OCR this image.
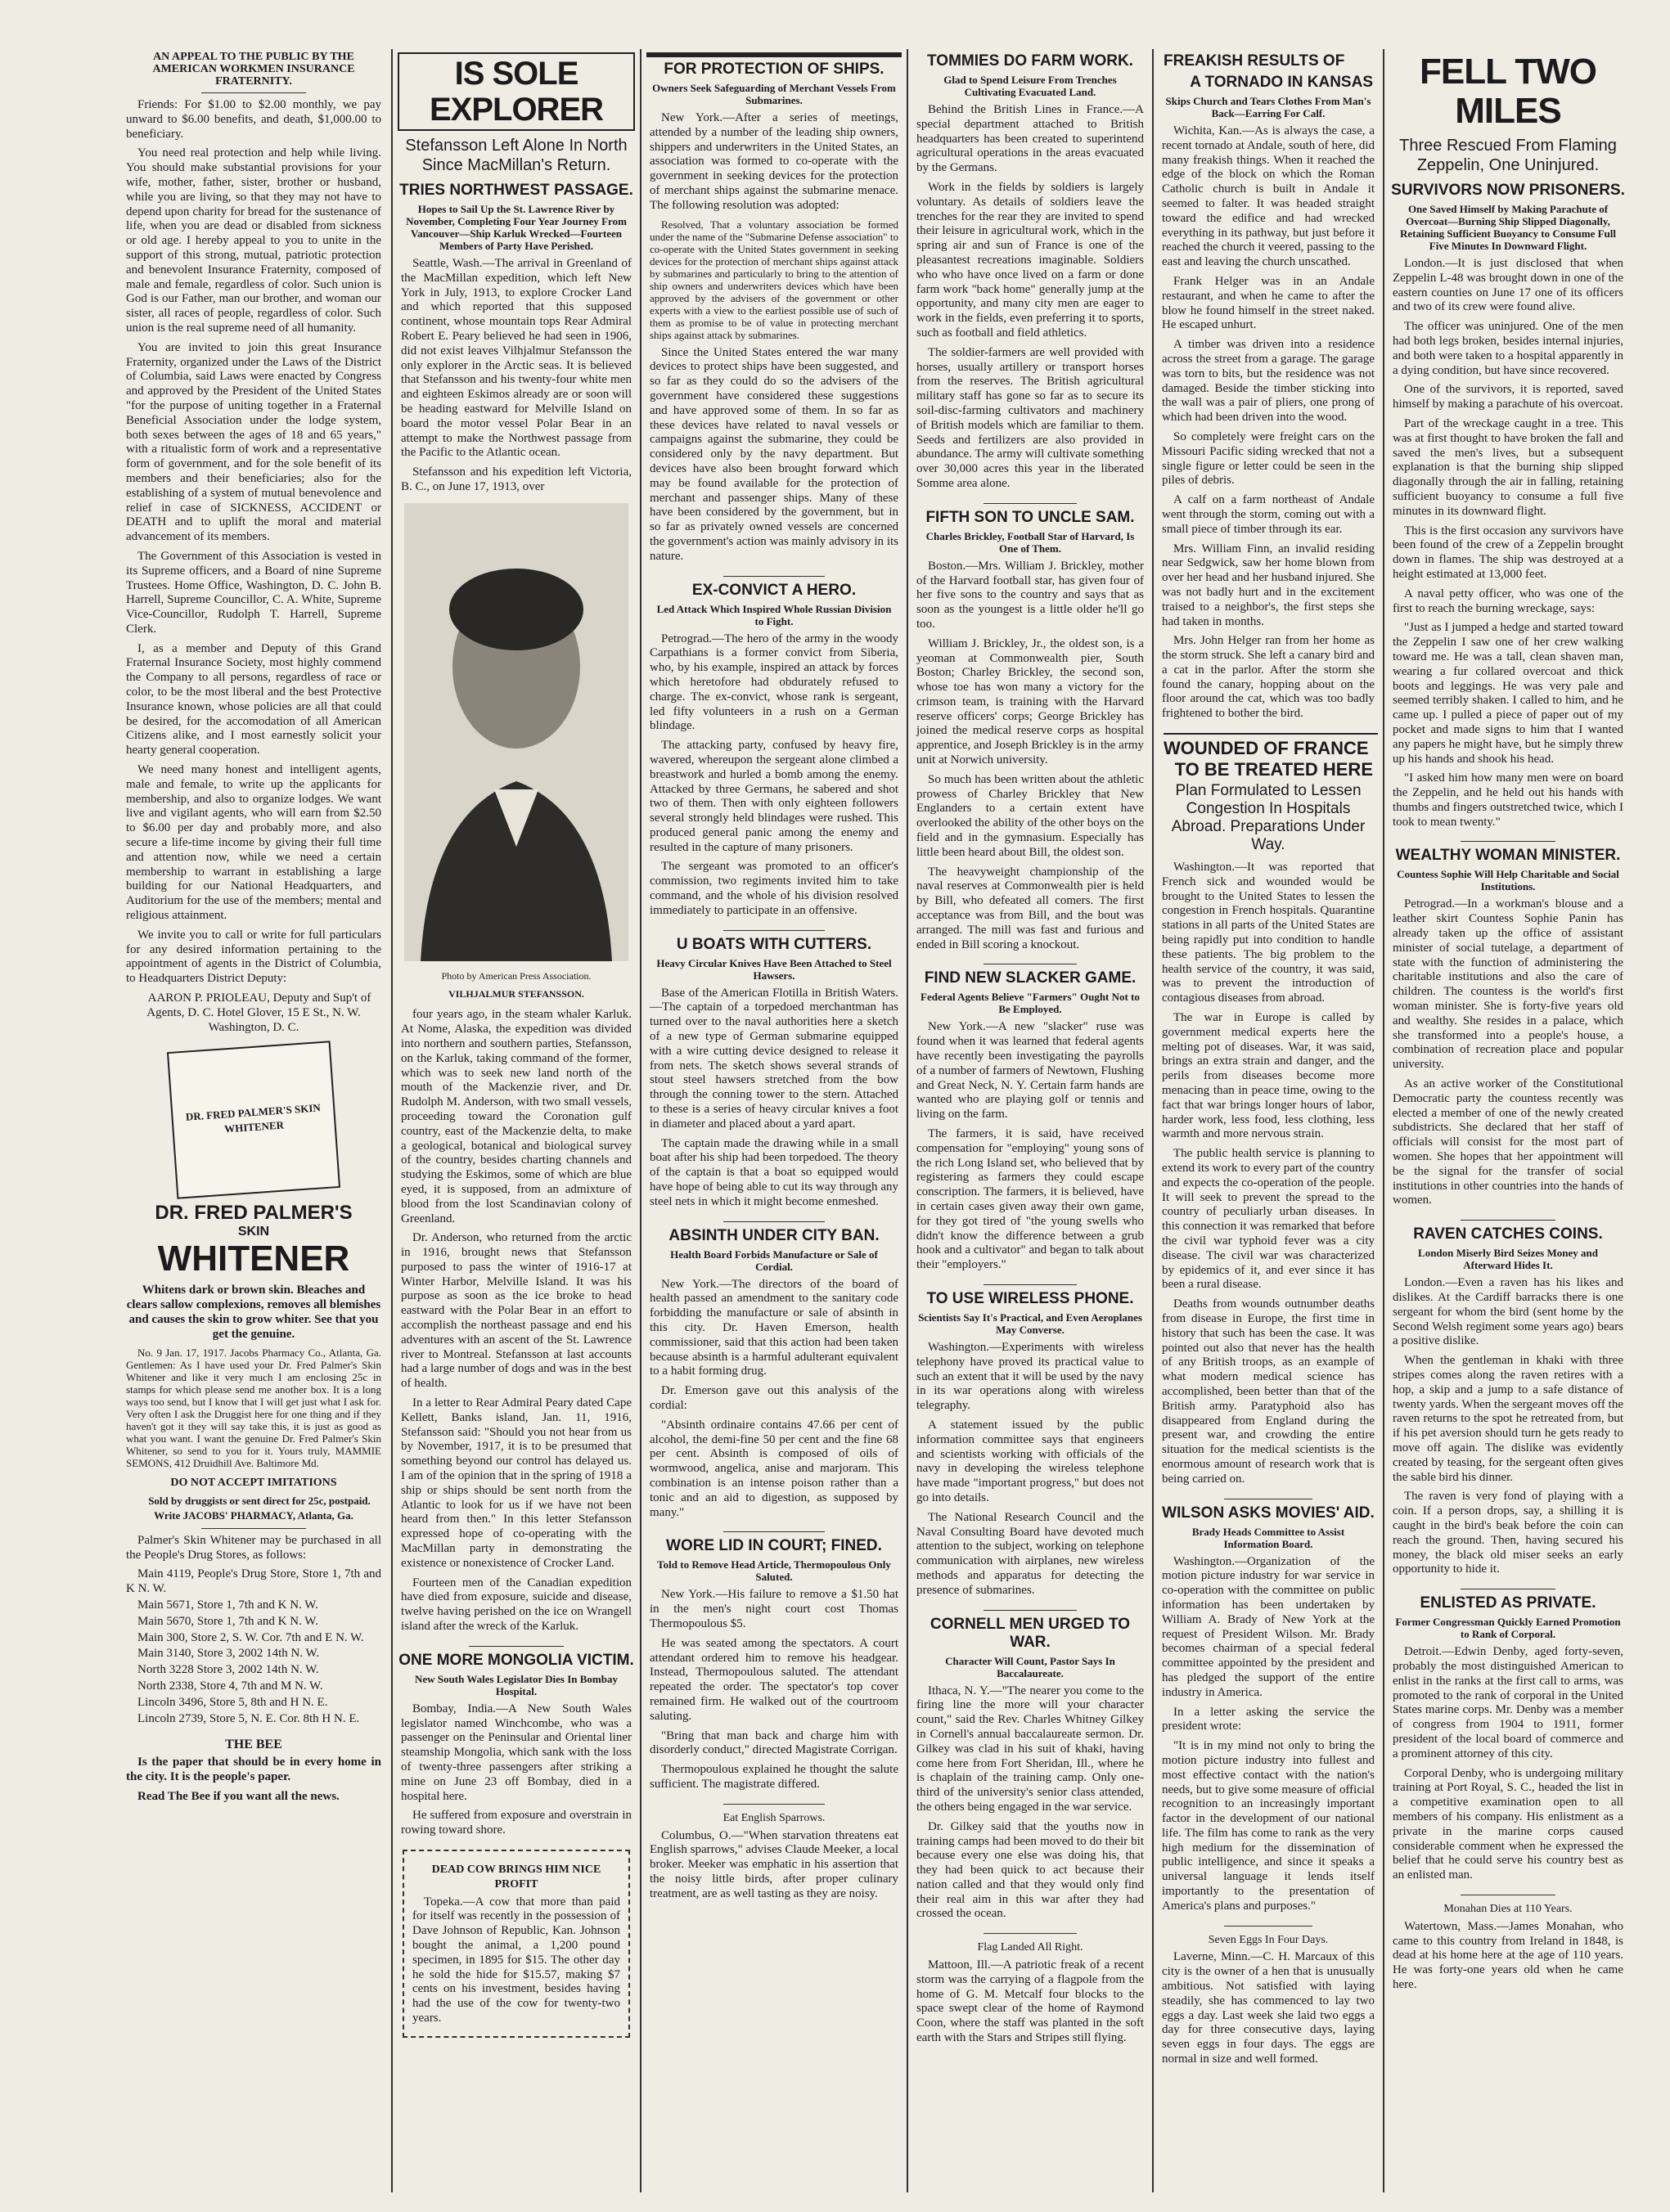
AN APPEAL TO THE PUBLIC BY THE AMERICAN WORKMEN INSURANCE FRATERNITY.

Friends: For $1.00 to $2.00 monthly, we pay unward to $6.00 benefits, and death, $1,000.00 to beneficiary.

You need real protection and help while living. You should make substantial provisions for your wife, mother, father, sister, brother or husband, while you are living, so that they may not have to depend upon charity for bread for the sustenance of life, when you are dead or disabled from sickness or old age. I hereby appeal to you to unite in the support of this strong, mutual, patriotic protection and benevolent Insurance Fraternity, composed of male and female, regardless of color. Such union is God is our Father, man our brother, and woman our sister, all races of people, regardless of color. Such union is the real supreme need of all humanity.

You are invited to join this great Insurance Fraternity, organized under the Laws of the District of Columbia, said Laws were enacted by Congress and approved by the President of the United States "for the purpose of uniting together in a Fraternal Beneficial Association under the lodge system, both sexes between the ages of 18 and 65 years," with a ritualistic form of work and a representative form of government, and for the sole benefit of its members and their beneficiaries; also for the establishing of a system of mutual benevolence and relief in case of SICKNESS, ACCIDENT or DEATH and to uplift the moral and material advancement of its members.

The Government of this Association is vested in its Supreme officers, and a Board of nine Supreme Trustees. Home Office, Washington, D. C. John B. Harrell, Supreme Councillor, C. A. White, Supreme Vice-Councillor, Rudolph T. Harrell, Supreme Clerk.

I, as a member and Deputy of this Grand Fraternal Insurance Society, most highly commend the Company to all persons, regardless of race or color, to be the most liberal and the best Protective Insurance known, whose policies are all that could be desired, for the accomodation of all American Citizens alike, and I most earnestly solicit your hearty general cooperation.

We need many honest and intelligent agents, male and female, to write up the applicants for membership, and also to organize lodges. We want live and vigilant agents, who will earn from $2.50 to $6.00 per day and probably more, and also secure a life-time income by giving their full time and attention now, while we need a certain membership to warrant in establishing a large building for our National Headquarters, and Auditorium for the use of the members; mental and religious attainment.

We invite you to call or write for full particulars for any desired information pertaining to the appointment of agents in the District of Columbia, to Headquarters District Deputy:

AARON P. PRIOLEAU, Deputy and Sup't of Agents, D. C. Hotel Glover, 15 E St., N. W. Washington, D. C.

DR. FRED PALMER'S SKIN WHITENER
DR. FRED PALMER'S
SKIN
WHITENER

Whitens dark or brown skin. Bleaches and clears sallow complexions, removes all blemishes and causes the skin to grow whiter. See that you get the genuine.

No. 9 Jan. 17, 1917. Jacobs Pharmacy Co., Atlanta, Ga. Gentlemen: As I have used your Dr. Fred Palmer's Skin Whitener and like it very much I am enclosing 25c in stamps for which please send me another box. It is a long ways too send, but I know that I will get just what I ask for. Very often I ask the Druggist here for one thing and if they haven't got it they will say take this, it is just as good as what you want. I want the genuine Dr. Fred Palmer's Skin Whitener, so send to you for it. Yours truly, MAMMIE SEMONS, 412 Druidhill Ave. Baltimore Md.

DO NOT ACCEPT IMITATIONS

Sold by druggists or sent direct for 25c, postpaid. Write JACOBS' PHARMACY, Atlanta, Ga.

Palmer's Skin Whitener may be purchased in all the People's Drug Stores, as follows:

Main 4119, People's Drug Store, Store 1, 7th and K N. W.

Main 5671, Store 1, 7th and K N. W.

Main 5670, Store 1, 7th and K N. W.

Main 300, Store 2, S. W. Cor. 7th and E N. W.

Main 3140, Store 3, 2002 14th N. W.

North 3228 Store 3, 2002 14th N. W.

North 2338, Store 4, 7th and M N. W.

Lincoln 3496, Store 5, 8th and H N. E.

Lincoln 2739, Store 5, N. E. Cor. 8th H N. E.

THE BEE

Is the paper that should be in every home in the city. It is the people's paper.

Read The Bee if you want all the news.

IS SOLE EXPLORER
Stefansson Left Alone In North Since MacMillan's Return.
TRIES NORTHWEST PASSAGE.
Hopes to Sail Up the St. Lawrence River by November, Completing Four Year Journey From Vancouver—Ship Karluk Wrecked—Fourteen Members of Party Have Perished.

Seattle, Wash.—The arrival in Greenland of the MacMillan expedition, which left New York in July, 1913, to explore Crocker Land and which reported that this supposed continent, whose mountain tops Rear Admiral Robert E. Peary believed he had seen in 1906, did not exist leaves Vilhjalmur Stefansson the only explorer in the Arctic seas. It is believed that Stefansson and his twenty-four white men and eighteen Eskimos already are or soon will be heading eastward for Melville Island on board the motor vessel Polar Bear in an attempt to make the Northwest passage from the Pacific to the Atlantic ocean.

Stefansson and his expedition left Victoria, B. C., on June 17, 1913, over

Photo by American Press Association.
VILHJALMUR STEFANSSON.

four years ago, in the steam whaler Karluk. At Nome, Alaska, the expedition was divided into northern and southern parties, Stefansson, on the Karluk, taking command of the former, which was to seek new land north of the mouth of the Mackenzie river, and Dr. Rudolph M. Anderson, with two small vessels, proceeding toward the Coronation gulf country, east of the Mackenzie delta, to make a geological, botanical and biological survey of the country, besides charting channels and studying the Eskimos, some of which are blue eyed, it is supposed, from an admixture of blood from the lost Scandinavian colony of Greenland.

Dr. Anderson, who returned from the arctic in 1916, brought news that Stefansson purposed to pass the winter of 1916-17 at Winter Harbor, Melville Island. It was his purpose as soon as the ice broke to head eastward with the Polar Bear in an effort to accomplish the northeast passage and end his adventures with an ascent of the St. Lawrence river to Montreal. Stefansson at last accounts had a large number of dogs and was in the best of health.

In a letter to Rear Admiral Peary dated Cape Kellett, Banks island, Jan. 11, 1916, Stefansson said: "Should you not hear from us by November, 1917, it is to be presumed that something beyond our control has delayed us. I am of the opinion that in the spring of 1918 a ship or ships should be sent north from the Atlantic to look for us if we have not been heard from then." In this letter Stefansson expressed hope of co-operating with the MacMillan party in demonstrating the existence or nonexistence of Crocker Land.

Fourteen men of the Canadian expedition have died from exposure, suicide and disease, twelve having perished on the ice on Wrangell island after the wreck of the Karluk.

ONE MORE MONGOLIA VICTIM.
New South Wales Legislator Dies In Bombay Hospital.

Bombay, India.—A New South Wales legislator named Winchcombe, who was a passenger on the Peninsular and Oriental liner steamship Mongolia, which sank with the loss of twenty-three passengers after striking a mine on June 23 off Bombay, died in a hospital here.

He suffered from exposure and overstrain in rowing toward shore.

DEAD COW BRINGS HIM NICE PROFIT

Topeka.—A cow that more than paid for itself was recently in the possession of Dave Johnson of Republic, Kan. Johnson bought the animal, a 1,200 pound specimen, in 1895 for $15. The other day he sold the hide for $15.57, making $7 cents on his investment, besides having had the use of the cow for twenty-two years.

FOR PROTECTION OF SHIPS.
Owners Seek Safeguarding of Merchant Vessels From Submarines.

New York.—After a series of meetings, attended by a number of the leading ship owners, shippers and underwriters in the United States, an association was formed to co-operate with the government in seeking devices for the protection of merchant ships against the submarine menace. The following resolution was adopted:

Resolved, That a voluntary association be formed under the name of the "Submarine Defense association" to co-operate with the United States government in seeking devices for the protection of merchant ships against attack by submarines and particularly to bring to the attention of ship owners and underwriters devices which have been approved by the advisers of the government or other experts with a view to the earliest possible use of such of them as promise to be of value in protecting merchant ships against attack by submarines.

Since the United States entered the war many devices to protect ships have been suggested, and so far as they could do so the advisers of the government have considered these suggestions and have approved some of them. In so far as these devices have related to naval vessels or campaigns against the submarine, they could be considered only by the navy department. But devices have also been brought forward which may be found available for the protection of merchant and passenger ships. Many of these have been considered by the government, but in so far as privately owned vessels are concerned the government's action was mainly advisory in its nature.

EX-CONVICT A HERO.
Led Attack Which Inspired Whole Russian Division to Fight.

Petrograd.—The hero of the army in the woody Carpathians is a former convict from Siberia, who, by his example, inspired an attack by forces which heretofore had obdurately refused to charge. The ex-convict, whose rank is sergeant, led fifty volunteers in a rush on a German blindage.

The attacking party, confused by heavy fire, wavered, whereupon the sergeant alone climbed a breastwork and hurled a bomb among the enemy. Attacked by three Germans, he sabered and shot two of them. Then with only eighteen followers several strongly held blindages were rushed. This produced general panic among the enemy and resulted in the capture of many prisoners.

The sergeant was promoted to an officer's commission, two regiments invited him to take command, and the whole of his division resolved immediately to participate in an offensive.

U BOATS WITH CUTTERS.
Heavy Circular Knives Have Been Attached to Steel Hawsers.

Base of the American Flotilla in British Waters.—The captain of a torpedoed merchantman has turned over to the naval authorities here a sketch of a new type of German submarine equipped with a wire cutting device designed to release it from nets. The sketch shows several strands of stout steel hawsers stretched from the bow through the conning tower to the stern. Attached to these is a series of heavy circular knives a foot in diameter and placed about a yard apart.

The captain made the drawing while in a small boat after his ship had been torpedoed. The theory of the captain is that a boat so equipped would have hope of being able to cut its way through any steel nets in which it might become enmeshed.

ABSINTH UNDER CITY BAN.
Health Board Forbids Manufacture or Sale of Cordial.

New York.—The directors of the board of health passed an amendment to the sanitary code forbidding the manufacture or sale of absinth in this city. Dr. Haven Emerson, health commissioner, said that this action had been taken because absinth is a harmful adulterant equivalent to a habit forming drug.

Dr. Emerson gave out this analysis of the cordial:

"Absinth ordinaire contains 47.66 per cent of alcohol, the demi-fine 50 per cent and the fine 68 per cent. Absinth is composed of oils of wormwood, angelica, anise and marjoram. This combination is an intense poison rather than a tonic and an aid to digestion, as supposed by many."

WORE LID IN COURT; FINED.
Told to Remove Head Article, Thermopoulous Only Saluted.

New York.—His failure to remove a $1.50 hat in the men's night court cost Thomas Thermopoulous $5.

He was seated among the spectators. A court attendant ordered him to remove his headgear. Instead, Thermopoulous saluted. The attendant repeated the order. The spectator's top cover remained firm. He walked out of the courtroom saluting.

"Bring that man back and charge him with disorderly conduct," directed Magistrate Corrigan.

Thermopoulous explained he thought the salute sufficient. The magistrate differed.

Eat English Sparrows.

Columbus, O.—"When starvation threatens eat English sparrows," advises Claude Meeker, a local broker. Meeker was emphatic in his assertion that the noisy little birds, after proper culinary treatment, are as well tasting as they are noisy.

TOMMIES DO FARM WORK.
Glad to Spend Leisure From Trenches Cultivating Evacuated Land.

Behind the British Lines in France.—A special department attached to British headquarters has been created to superintend agricultural operations in the areas evacuated by the Germans.

Work in the fields by soldiers is largely voluntary. As details of soldiers leave the trenches for the rear they are invited to spend their leisure in agricultural work, which in the spring air and sun of France is one of the pleasantest recreations imaginable. Soldiers who who have once lived on a farm or done farm work "back home" generally jump at the opportunity, and many city men are eager to work in the fields, even preferring it to sports, such as football and field athletics.

The soldier-farmers are well provided with horses, usually artillery or transport horses from the reserves. The British agricultural military staff has gone so far as to secure its soil-disc-farming cultivators and machinery of British models which are familiar to them. Seeds and fertilizers are also provided in abundance. The army will cultivate something over 30,000 acres this year in the liberated Somme area alone.

FIFTH SON TO UNCLE SAM.
Charles Brickley, Football Star of Harvard, Is One of Them.

Boston.—Mrs. William J. Brickley, mother of the Harvard football star, has given four of her five sons to the country and says that as soon as the youngest is a little older he'll go too.

William J. Brickley, Jr., the oldest son, is a yeoman at Commonwealth pier, South Boston; Charley Brickley, the second son, whose toe has won many a victory for the crimson team, is training with the Harvard reserve officers' corps; George Brickley has joined the medical reserve corps as hospital apprentice, and Joseph Brickley is in the army unit at Norwich university.

So much has been written about the athletic prowess of Charley Brickley that New Englanders to a certain extent have overlooked the ability of the other boys on the field and in the gymnasium. Especially has little been heard about Bill, the oldest son.

The heavyweight championship of the naval reserves at Commonwealth pier is held by Bill, who defeated all comers. The first acceptance was from Bill, and the bout was arranged. The mill was fast and furious and ended in Bill scoring a knockout.

FIND NEW SLACKER GAME.
Federal Agents Believe "Farmers" Ought Not to Be Employed.

New York.—A new "slacker" ruse was found when it was learned that federal agents have recently been investigating the payrolls of a number of farmers of Newtown, Flushing and Great Neck, N. Y. Certain farm hands are wanted who are playing golf or tennis and living on the farm.

The farmers, it is said, have received compensation for "employing" young sons of the rich Long Island set, who believed that by registering as farmers they could escape conscription. The farmers, it is believed, have in certain cases given away their own game, for they got tired of "the young swells who didn't know the difference between a grub hook and a cultivator" and began to talk about their "employers."

TO USE WIRELESS PHONE.
Scientists Say It's Practical, and Even Aeroplanes May Converse.

Washington.—Experiments with wireless telephony have proved its practical value to such an extent that it will be used by the navy in its war operations along with wireless telegraphy.

A statement issued by the public information committee says that engineers and scientists working with officials of the navy in developing the wireless telephone have made "important progress," but does not go into details.

The National Research Council and the Naval Consulting Board have devoted much attention to the subject, working on telephone communication with airplanes, new wireless methods and apparatus for detecting the presence of submarines.

CORNELL MEN URGED TO WAR.
Character Will Count, Pastor Says In Baccalaureate.

Ithaca, N. Y.—"The nearer you come to the firing line the more will your character count," said the Rev. Charles Whitney Gilkey in Cornell's annual baccalaureate sermon. Dr. Gilkey was clad in his suit of khaki, having come here from Fort Sheridan, Ill., where he is chaplain of the training camp. Only one-third of the university's senior class attended, the others being engaged in the war service.

Dr. Gilkey said that the youths now in training camps had been moved to do their bit because every one else was doing his, that they had been quick to act because their nation called and that they would only find their real aim in this war after they had crossed the ocean.

Flag Landed All Right.

Mattoon, Ill.—A patriotic freak of a recent storm was the carrying of a flagpole from the home of G. M. Metcalf four blocks to the space swept clear of the home of Raymond Coon, where the staff was planted in the soft earth with the Stars and Stripes still flying.

FREAKISH RESULTS OF
A TORNADO IN KANSAS
Skips Church and Tears Clothes From Man's Back—Earring For Calf.

Wichita, Kan.—As is always the case, a recent tornado at Andale, south of here, did many freakish things. When it reached the edge of the block on which the Roman Catholic church is built in Andale it seemed to falter. It was headed straight toward the edifice and had wrecked everything in its pathway, but just before it reached the church it veered, passing to the east and leaving the church unscathed.

Frank Helger was in an Andale restaurant, and when he came to after the blow he found himself in the street naked. He escaped unhurt.

A timber was driven into a residence across the street from a garage. The garage was torn to bits, but the residence was not damaged. Beside the timber sticking into the wall was a pair of pliers, one prong of which had been driven into the wood.

So completely were freight cars on the Missouri Pacific siding wrecked that not a single figure or letter could be seen in the piles of debris.

A calf on a farm northeast of Andale went through the storm, coming out with a small piece of timber through its ear.

Mrs. William Finn, an invalid residing near Sedgwick, saw her home blown from over her head and her husband injured. She was not badly hurt and in the excitement traised to a neighbor's, the first steps she had taken in months.

Mrs. John Helger ran from her home as the storm struck. She left a canary bird and a cat in the parlor. After the storm she found the canary, hopping about on the floor around the cat, which was too badly frightened to bother the bird.

WOUNDED OF FRANCE
TO BE TREATED HERE
Plan Formulated to Lessen Congestion In Hospitals Abroad. Preparations Under Way.

Washington.—It was reported that French sick and wounded would be brought to the United States to lessen the congestion in French hospitals. Quarantine stations in all parts of the United States are being rapidly put into condition to handle these patients. The big problem to the health service of the country, it was said, was to prevent the introduction of contagious diseases from abroad.

The war in Europe is called by government medical experts here the melting pot of diseases. War, it was said, brings an extra strain and danger, and the perils from diseases become more menacing than in peace time, owing to the fact that war brings longer hours of labor, harder work, less food, less clothing, less warmth and more nervous strain.

The public health service is planning to extend its work to every part of the country and expects the co-operation of the people. It will seek to prevent the spread to the country of peculiarly urban diseases. In this connection it was remarked that before the civil war typhoid fever was a city disease. The civil war was characterized by epidemics of it, and ever since it has been a rural disease.

Deaths from wounds outnumber deaths from disease in Europe, the first time in history that such has been the case. It was pointed out also that never has the health of any British troops, as an example of what modern medical science has accomplished, been better than that of the British army. Paratyphoid also has disappeared from England during the present war, and crowding the entire situation for the medical scientists is the enormous amount of research work that is being carried on.

WILSON ASKS MOVIES' AID.
Brady Heads Committee to Assist Information Board.

Washington.—Organization of the motion picture industry for war service in co-operation with the committee on public information has been undertaken by William A. Brady of New York at the request of President Wilson. Mr. Brady becomes chairman of a special federal committee appointed by the president and has pledged the support of the entire industry in America.

In a letter asking the service the president wrote:

"It is in my mind not only to bring the motion picture industry into fullest and most effective contact with the nation's needs, but to give some measure of official recognition to an increasingly important factor in the development of our national life. The film has come to rank as the very high medium for the dissemination of public intelligence, and since it speaks a universal language it lends itself importantly to the presentation of America's plans and purposes."

Seven Eggs In Four Days.

Laverne, Minn.—C. H. Marcaux of this city is the owner of a hen that is unusually ambitious. Not satisfied with laying steadily, she has commenced to lay two eggs a day. Last week she laid two eggs a day for three consecutive days, laying seven eggs in four days. The eggs are normal in size and well formed.

FELL TWO MILES
Three Rescued From Flaming Zeppelin, One Uninjured.
SURVIVORS NOW PRISONERS.
One Saved Himself by Making Parachute of Overcoat—Burning Ship Slipped Diagonally, Retaining Sufficient Buoyancy to Consume Full Five Minutes In Downward Flight.

London.—It is just disclosed that when Zeppelin L-48 was brought down in one of the eastern counties on June 17 one of its officers and two of its crew were found alive.

The officer was uninjured. One of the men had both legs broken, besides internal injuries, and both were taken to a hospital apparently in a dying condition, but have since recovered.

One of the survivors, it is reported, saved himself by making a parachute of his overcoat.

Part of the wreckage caught in a tree. This was at first thought to have broken the fall and saved the men's lives, but a subsequent explanation is that the burning ship slipped diagonally through the air in falling, retaining sufficient buoyancy to consume a full five minutes in its downward flight.

This is the first occasion any survivors have been found of the crew of a Zeppelin brought down in flames. The ship was destroyed at a height estimated at 13,000 feet.

A naval petty officer, who was one of the first to reach the burning wreckage, says:

"Just as I jumped a hedge and started toward the Zeppelin I saw one of her crew walking toward me. He was a tall, clean shaven man, wearing a fur collared overcoat and thick boots and leggings. He was very pale and seemed terribly shaken. I called to him, and he came up. I pulled a piece of paper out of my pocket and made signs to him that I wanted any papers he might have, but he simply threw up his hands and shook his head.

"I asked him how many men were on board the Zeppelin, and he held out his hands with thumbs and fingers outstretched twice, which I took to mean twenty."

WEALTHY WOMAN MINISTER.
Countess Sophie Will Help Charitable and Social Institutions.

Petrograd.—In a workman's blouse and a leather skirt Countess Sophie Panin has already taken up the office of assistant minister of social tutelage, a department of state with the function of administering the charitable institutions and also the care of children. The countess is the world's first woman minister. She is forty-five years old and wealthy. She resides in a palace, which she transformed into a people's house, a combination of recreation place and popular university.

As an active worker of the Constitutional Democratic party the countess recently was elected a member of one of the newly created subdistricts. She declared that her staff of officials will consist for the most part of women. She hopes that her appointment will be the signal for the transfer of social institutions in other countries into the hands of women.

RAVEN CATCHES COINS.
London Miserly Bird Seizes Money and Afterward Hides It.

London.—Even a raven has his likes and dislikes. At the Cardiff barracks there is one sergeant for whom the bird (sent home by the Second Welsh regiment some years ago) bears a positive dislike.

When the gentleman in khaki with three stripes comes along the raven retires with a hop, a skip and a jump to a safe distance of twenty yards. When the sergeant moves off the raven returns to the spot he retreated from, but if his pet aversion should turn he gets ready to move off again. The dislike was evidently created by teasing, for the sergeant often gives the sable bird his dinner.

The raven is very fond of playing with a coin. If a person drops, say, a shilling it is caught in the bird's beak before the coin can reach the ground. Then, having secured his money, the black old miser seeks an early opportunity to hide it.

ENLISTED AS PRIVATE.
Former Congressman Quickly Earned Promotion to Rank of Corporal.

Detroit.—Edwin Denby, aged forty-seven, probably the most distinguished American to enlist in the ranks at the first call to arms, was promoted to the rank of corporal in the United States marine corps. Mr. Denby was a member of congress from 1904 to 1911, former president of the local board of commerce and a prominent attorney of this city.

Corporal Denby, who is undergoing military training at Port Royal, S. C., headed the list in a competitive examination open to all members of his company. His enlistment as a private in the marine corps caused considerable comment when he expressed the belief that he could serve his country best as an enlisted man.

Monahan Dies at 110 Years.

Watertown, Mass.—James Monahan, who came to this country from Ireland in 1848, is dead at his home here at the age of 110 years. He was forty-one years old when he came here.
